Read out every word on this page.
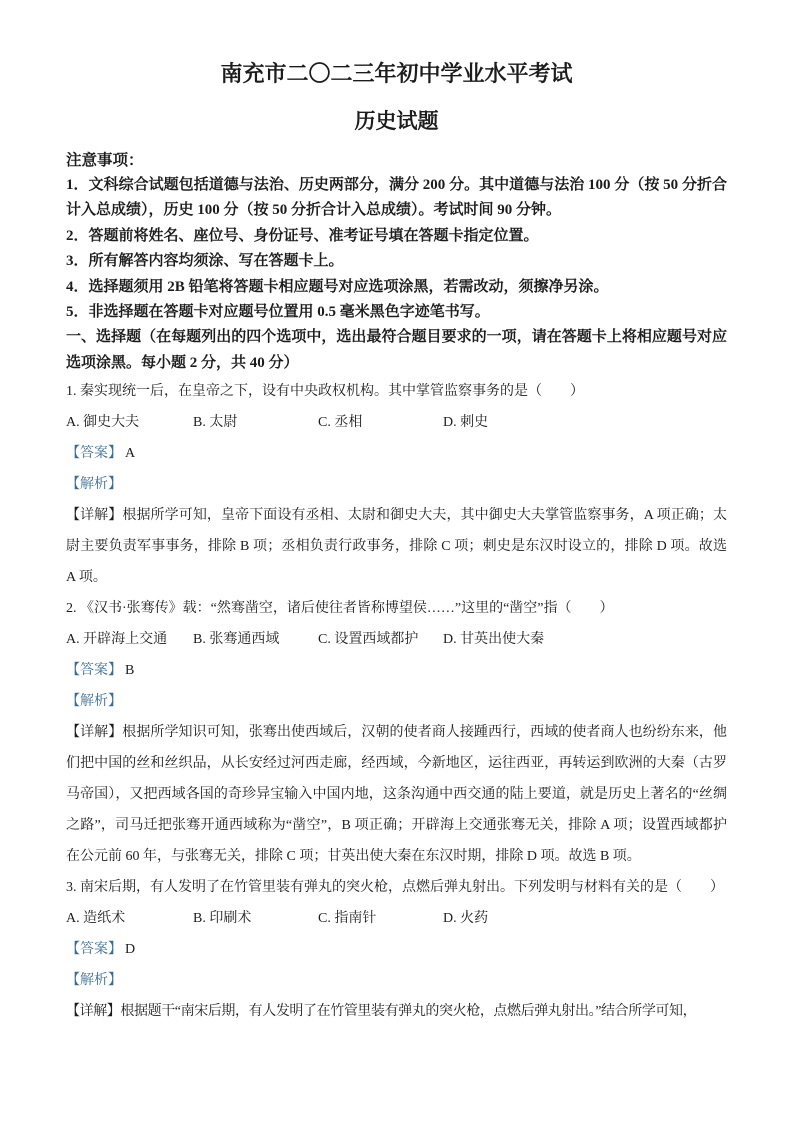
南充市二〇二三年初中学业水平考试
历史试题

注意事项：

1．文科综合试题包括道德与法治、历史两部分，满分 200 分。其中道德与法治 100 分（按 50 分折合计入总成绩），历史 100 分（按 50 分折合计入总成绩）。考试时间 90 分钟。

2．答题前将姓名、座位号、身份证号、准考证号填在答题卡指定位置。

3．所有解答内容均须涂、写在答题卡上。

4．选择题须用 2B 铅笔将答题卡相应题号对应选项涂黑，若需改动，须擦净另涂。

5．非选择题在答题卡对应题号位置用 0.5 毫米黑色字迹笔书写。

一、选择题（在每题列出的四个选项中，选出最符合题目要求的一项，请在答题卡上将相应题号对应选项涂黑。每小题 2 分，共 40 分）

1. 秦实现统一后，在皇帝之下，设有中央政权机构。其中掌管监察事务的是（　　）

A. 御史大夫	B. 太尉	C. 丞相	D. 刺史

【答案】 A

【解析】

【详解】根据所学可知，皇帝下面设有丞相、太尉和御史大夫，其中御史大夫掌管监察事务，A 项正确；太尉主要负责军事事务，排除 B 项；丞相负责行政事务，排除 C 项；刺史是东汉时设立的，排除 D 项。故选 A 项。

2. 《汉书·张骞传》载：“然骞凿空，诸后使往者皆称博望侯……”这里的“凿空”指（　　）

A. 开辟海上交通	B. 张骞通西域	C. 设置西域都护	D. 甘英出使大秦

【答案】 B

【解析】

【详解】根据所学知识可知，张骞出使西域后，汉朝的使者商人接踵西行，西域的使者商人也纷纷东来，他们把中国的丝和丝织品，从长安经过河西走廊，经西域，今新地区，运往西亚，再转运到欧洲的大秦（古罗马帝国），又把西域各国的奇珍异宝输入中国内地，这条沟通中西交通的陆上要道，就是历史上著名的“丝绸之路”，司马迁把张骞开通西域称为“凿空”，B 项正确；开辟海上交通张骞无关，排除 A 项；设置西域都护在公元前 60 年，与张骞无关，排除 C 项；甘英出使大秦在东汉时期，排除 D 项。故选 B 项。

3. 南宋后期，有人发明了在竹管里装有弹丸的突火枪，点燃后弹丸射出。下列发明与材料有关的是（　　）

A. 造纸术	B. 印刷术	C. 指南针	D. 火药

【答案】 D

【解析】

【详解】根据题干“南宋后期，有人发明了在竹管里装有弹丸的突火枪，点燃后弹丸射出。”结合所学可知，
